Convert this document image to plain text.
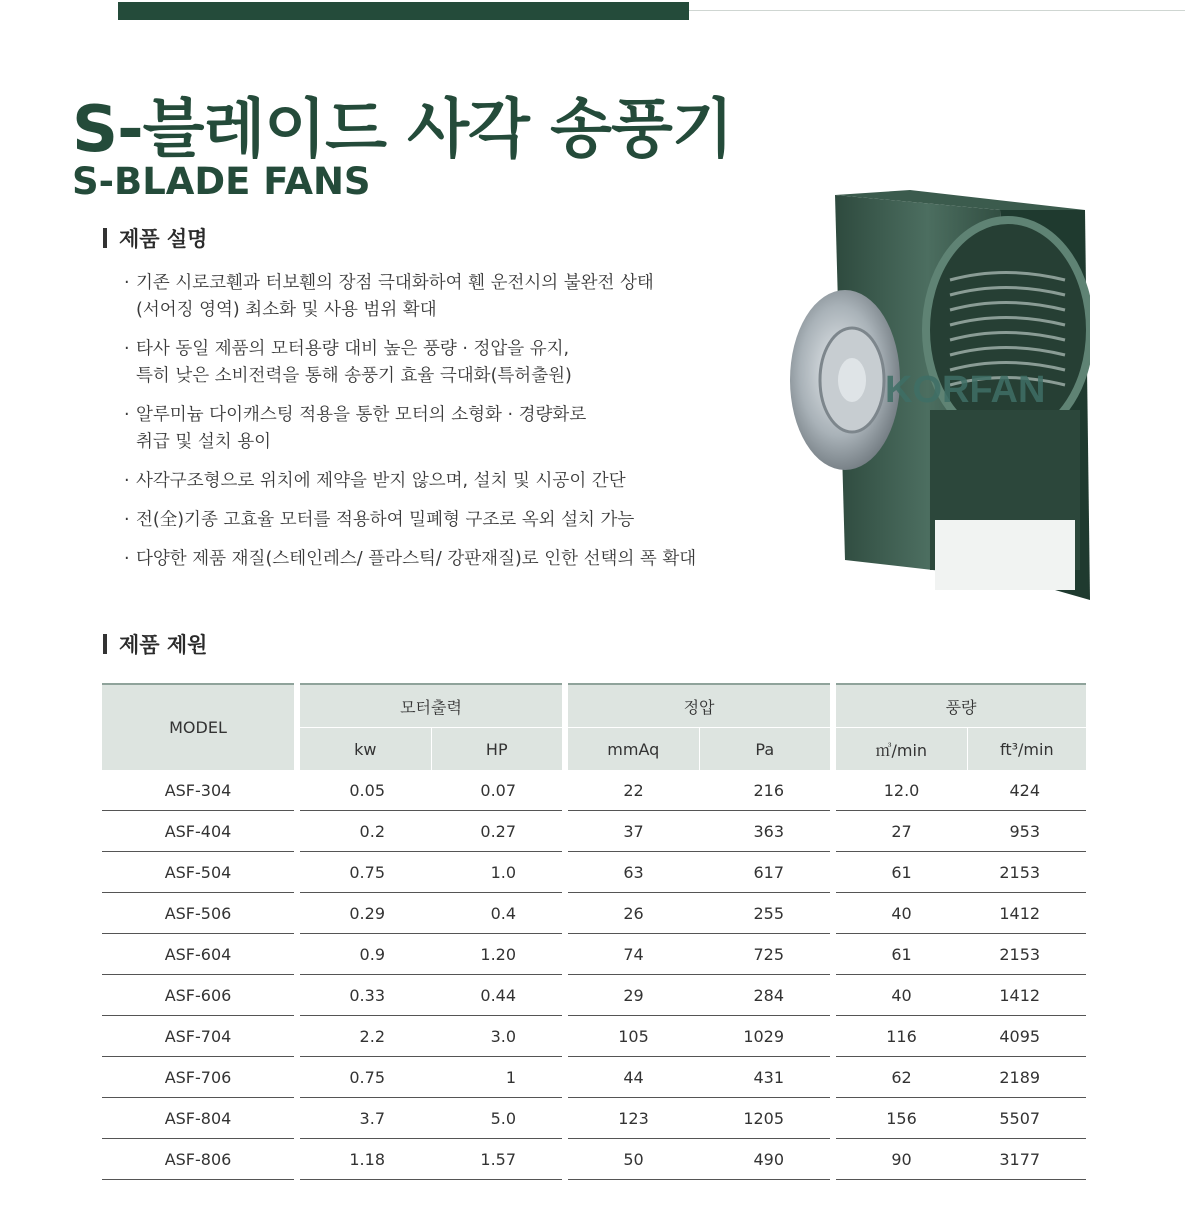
S-블레이드 사각 송풍기
S-BLADE FANS
제품 설명
· 기존 시로코휀과 터보휀의 장점 극대화하여 휀 운전시의 불완전 상태
(서어징 영역) 최소화 및 사용 범위 확대
· 타사 동일 제품의 모터용량 대비 높은 풍량 · 정압을 유지,
특히 낮은 소비전력을 통해 송풍기 효율 극대화(특허출원)
· 알루미늄 다이캐스팅 적용을 통한 모터의 소형화 · 경량화로
취급 및 설치 용이
· 사각구조형으로 위치에 제약을 받지 않으며, 설치 및 시공이 간단
· 전(全)기종 고효율 모터를 적용하여 밀폐형 구조로 옥외 설치 가능
· 다양한 제품 재질(스테인레스/ 플라스틱/ 강판재질)로 인한 선택의 폭 확대
KORFAN
제품 제원
MODEL		모터출력			정압			풍량	
		kw	HP		mmAq	Pa		㎥/min	ft³/min
ASF-304		0.05	0.07		22	216		12.0	424
ASF-404		0.2	0.27		37	363		27	953
ASF-504		0.75	1.0		63	617		61	2153
ASF-506		0.29	0.4		26	255		40	1412
ASF-604		0.9	1.20		74	725		61	2153
ASF-606		0.33	0.44		29	284		40	1412
ASF-704		2.2	3.0		105	1029		116	4095
ASF-706		0.75	1		44	431		62	2189
ASF-804		3.7	5.0		123	1205		156	5507
ASF-806		1.18	1.57		50	490		90	3177
